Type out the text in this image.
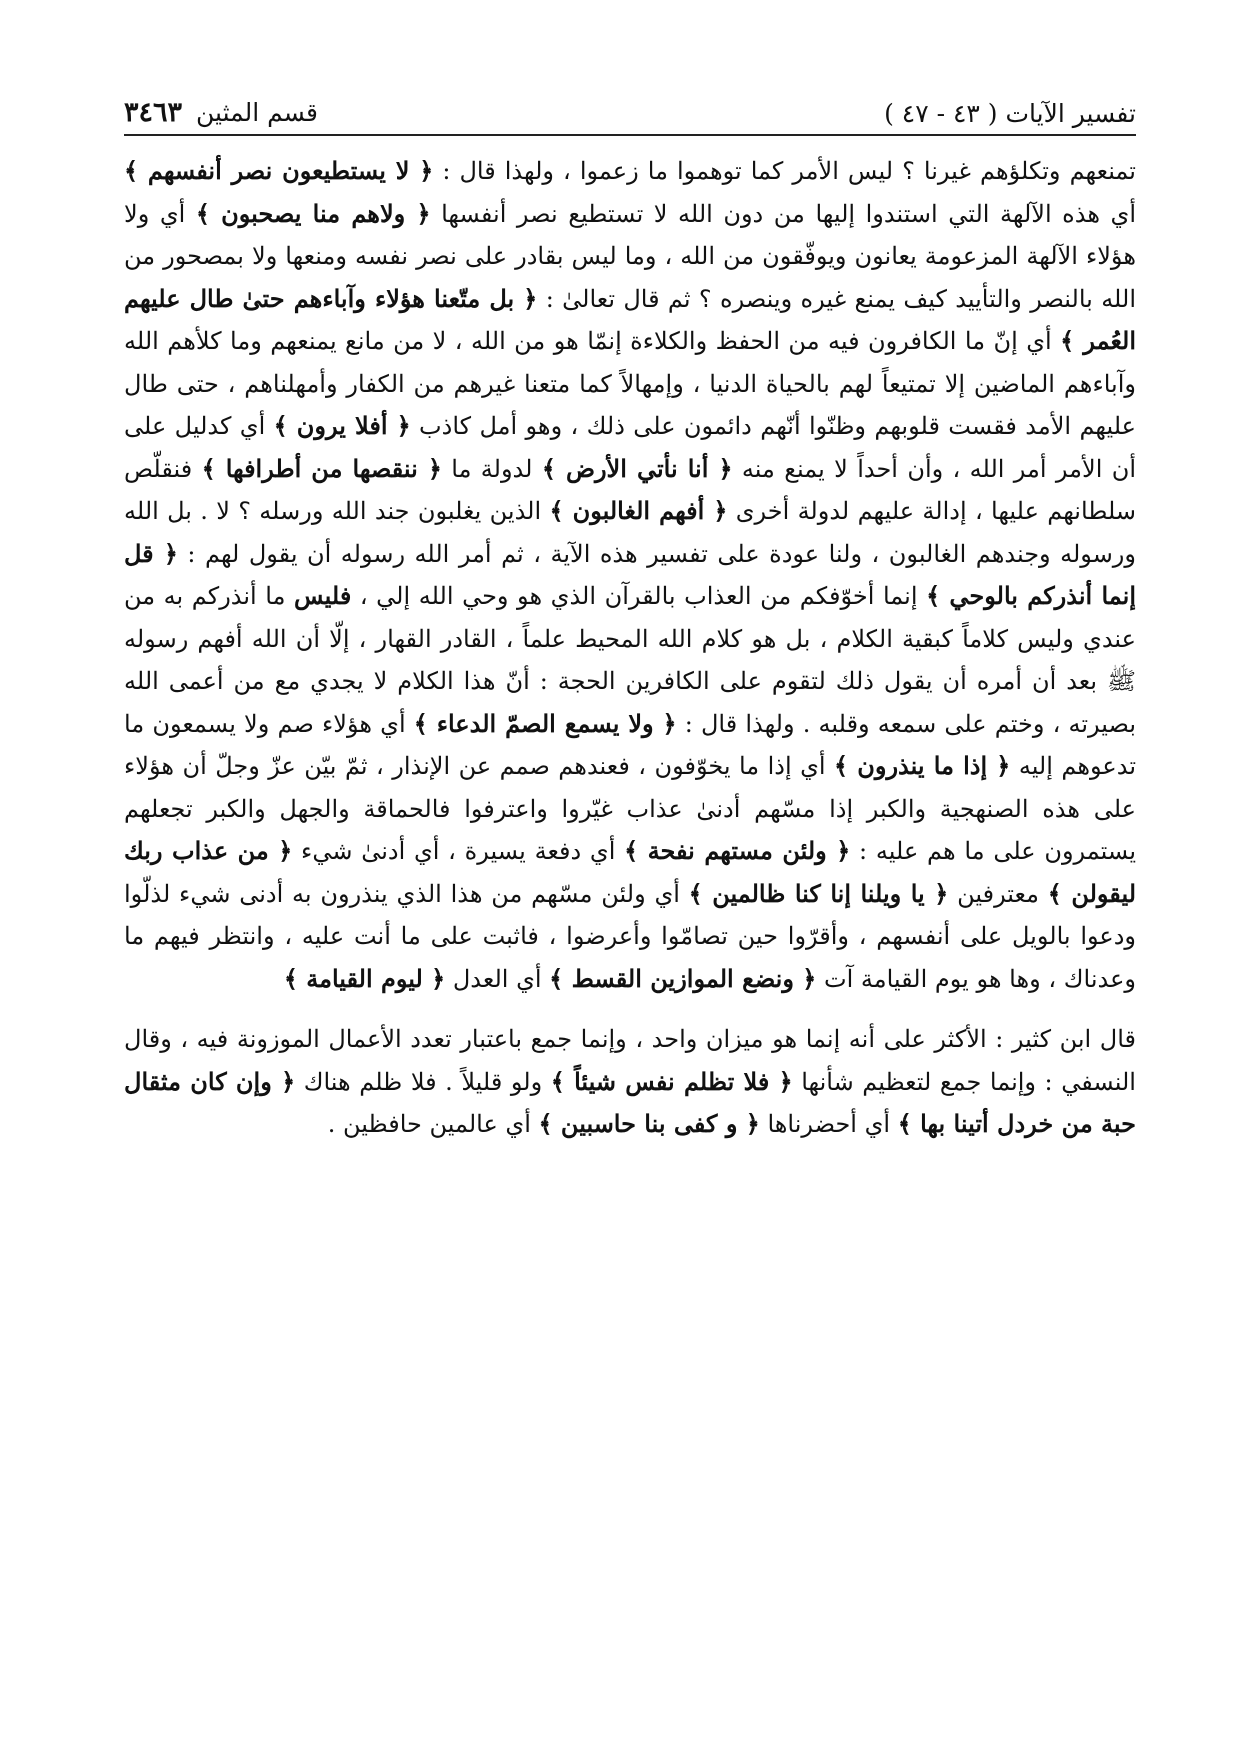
تفسير الآيات ( ٤٣ - ٤٧ )
قسم المثين
٣٤٦٣

تمنعهم وتكلؤهم غيرنا ؟ ليس الأمر كما توهموا ما زعموا ، ولهذا قال : ﴿ لا يستطيعون نصر أنفسهم ﴾ أي هذه الآلهة التي استندوا إليها من دون الله لا تستطيع نصر أنفسها ﴿ ولاهم منا يصحبون ﴾ أي ولا هؤلاء الآلهة المزعومة يعانون ويوفّقون من الله ، وما ليس بقادر على نصر نفسه ومنعها ولا بمصحور من الله بالنصر والتأييد كيف يمنع غيره وينصره ؟ ثم قال تعالىٰ : ﴿ بل متّعنا هؤلاء وآباءهم حتىٰ طال عليهم العُمر ﴾ أي إنّ ما الكافرون فيه من الحفظ والكلاءة إنمّا هو من الله ، لا من مانع يمنعهم وما كلأهم الله وآباءهم الماضين إلا تمتيعاً لهم بالحياة الدنيا ، وإمهالاً كما متعنا غيرهم من الكفار وأمهلناهم ، حتى طال عليهم الأمد فقست قلوبهم وظنّوا أنّهم دائمون على ذلك ، وهو أمل كاذب ﴿ أفلا يرون ﴾ أي كدليل على أن الأمر أمر الله ، وأن أحداً لا يمنع منه ﴿ أنا نأتي الأرض ﴾ لدولة ما ﴿ ننقصها من أطرافها ﴾ فنقلّص سلطانهم عليها ، إدالة عليهم لدولة أخرى ﴿ أفهم الغالبون ﴾ الذين يغلبون جند الله ورسله ؟ لا . بل الله ورسوله وجندهم الغالبون ، ولنا عودة على تفسير هذه الآية ، ثم أمر الله رسوله أن يقول لهم : ﴿ قل إنما أنذركم بالوحي ﴾ إنما أخوّفكم من العذاب بالقرآن الذي هو وحي الله إلي ، فليس ما أنذركم به من عندي وليس كلاماً كبقية الكلام ، بل هو كلام الله المحيط علماً ، القادر القهار ، إلّا أن الله أفهم رسوله ﷺ بعد أن أمره أن يقول ذلك لتقوم على الكافرين الحجة : أنّ هذا الكلام لا يجدي مع من أعمى الله بصيرته ، وختم على سمعه وقلبه . ولهذا قال : ﴿ ولا يسمع الصمّ الدعاء ﴾ أي هؤلاء صم ولا يسمعون ما تدعوهم إليه ﴿ إذا ما ينذرون ﴾ أي إذا ما يخوّفون ، فعندهم صمم عن الإنذار ، ثمّ بيّن عزّ وجلّ أن هؤلاء على هذه الصنهجية والكبر إذا مسّهم أدنىٰ عذاب غيّروا واعترفوا فالحماقة والجهل والكبر تجعلهم يستمرون على ما هم عليه : ﴿ ولئن مستهم نفحة ﴾ أي دفعة يسيرة ، أي أدنىٰ شيء ﴿ من عذاب ربك ليقولن ﴾ معترفين ﴿ يا ويلنا إنا كنا ظالمين ﴾ أي ولئن مسّهم من هذا الذي ينذرون به أدنى شيء لذلّوا ودعوا بالويل على أنفسهم ، وأقرّوا حين تصامّوا وأعرضوا ، فاثبت على ما أنت عليه ، وانتظر فيهم ما وعدناك ، وها هو يوم القيامة آت ﴿ ونضع الموازين القسط ﴾ أي العدل ﴿ ليوم القيامة ﴾

قال ابن كثير : الأكثر على أنه إنما هو ميزان واحد ، وإنما جمع باعتبار تعدد الأعمال الموزونة فيه ، وقال النسفي : وإنما جمع لتعظيم شأنها ﴿ فلا تظلم نفس شيئاً ﴾ ولو قليلاً . فلا ظلم هناك ﴿ وإن كان مثقال حبة من خردل أتينا بها ﴾ أي أحضرناها ﴿ و كفى بنا حاسبين ﴾ أي عالمين حافظين .
